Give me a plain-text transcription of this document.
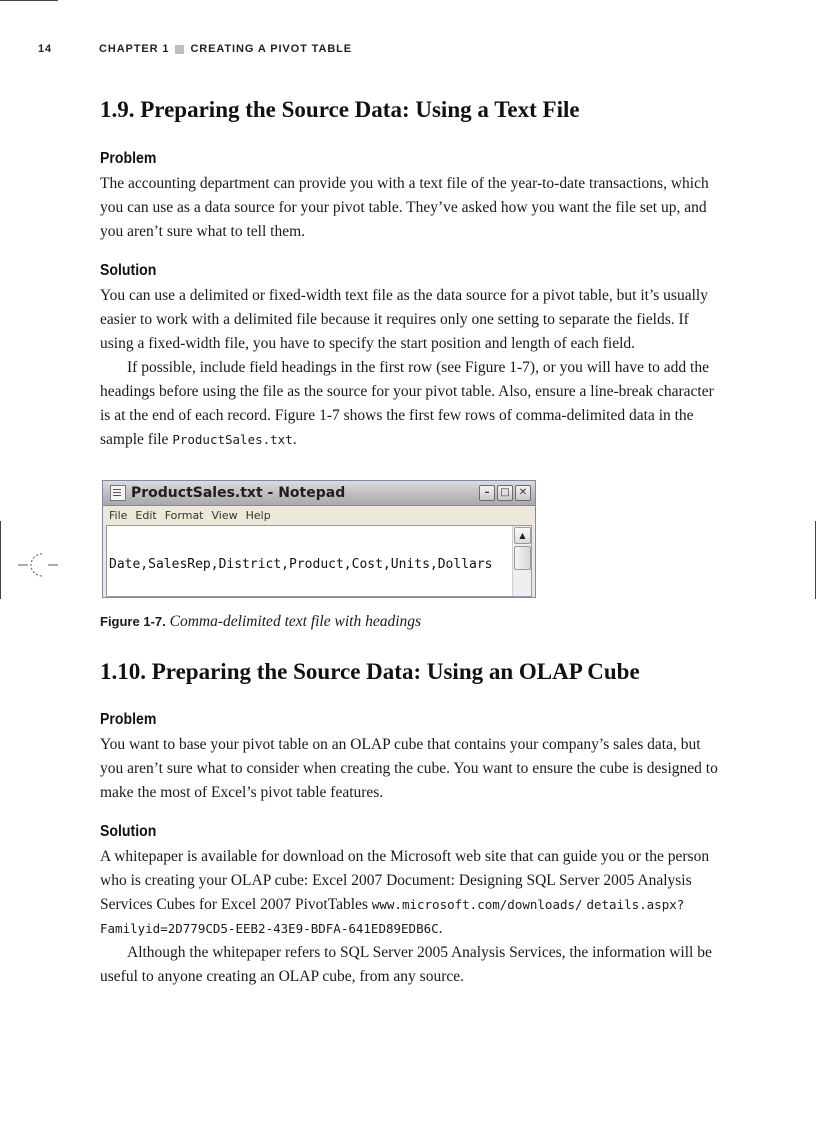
14	CHAPTER 1 CREATING A PIVOT TABLE
1.9. Preparing the Source Data: Using a Text File
Problem

The accounting department can provide you with a text file of the year-to-date transactions, which you can use as a data source for your pivot table. They’ve asked how you want the file set up, and you aren’t sure what to tell them.

Solution

You can use a delimited or fixed-width text file as the data source for a pivot table, but it’s usually easier to work with a delimited file because it requires only one setting to separate the fields. If using a fixed-width file, you have to specify the start position and length of each field.

If possible, include field headings in the first row (see Figure 1-7), or you will have to add the headings before using the file as the source for your pivot table. Also, ensure a line-break character is at the end of each record. Figure 1-7 shows the first few rows of comma-delimited data in the sample file ProductSales.txt.

ProductSales.txt - Notepad	–	□ ✕
File Edit Format View Help

Date,SalesRep,District,Product,Cost,Units,Dollars

▲

Figure 1-7. Comma-delimited text file with headings

1.10. Preparing the Source Data: Using an OLAP Cube
Problem

You want to base your pivot table on an OLAP cube that contains your company’s sales data, but you aren’t sure what to consider when creating the cube. You want to ensure the cube is designed to make the most of Excel’s pivot table features.

Solution

A whitepaper is available for download on the Microsoft web site that can guide you or the person who is creating your OLAP cube: Excel 2007 Document: Designing SQL Server 2005 Analysis Services Cubes for Excel 2007 PivotTables www.microsoft.com/downloads/ details.aspx?Familyid=2D779CD5-EEB2-43E9-BDFA-641ED89EDB6C.

Although the whitepaper refers to SQL Server 2005 Analysis Services, the information will be useful to anyone creating an OLAP cube, from any source.
